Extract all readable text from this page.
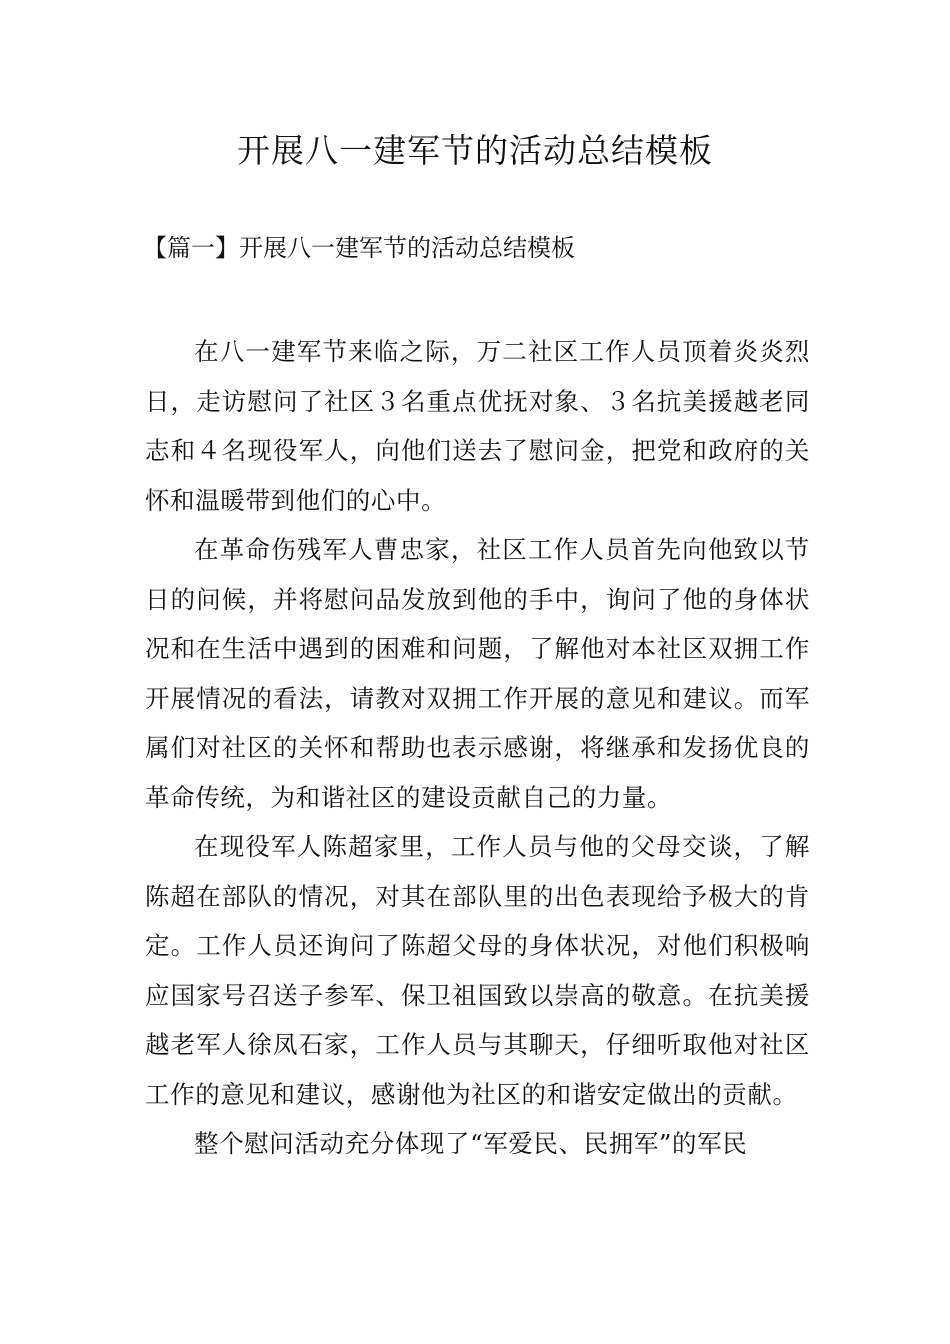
开展八一建军节的活动总结模板
【篇一】开展八一建军节的活动总结模板

在八一建军节来临之际，万二社区工作人员顶着炎炎烈日，走访慰问了社区３名重点优抚对象、３名抗美援越老同志和４名现役军人，向他们送去了慰问金，把党和政府的关怀和温暖带到他们的心中。

在革命伤残军人曹忠家，社区工作人员首先向他致以节日的问候，并将慰问品发放到他的手中，询问了他的身体状况和在生活中遇到的困难和问题，了解他对本社区双拥工作开展情况的看法，请教对双拥工作开展的意见和建议。而军属们对社区的关怀和帮助也表示感谢，将继承和发扬优良的革命传统，为和谐社区的建设贡献自己的力量。

在现役军人陈超家里，工作人员与他的父母交谈，了解陈超在部队的情况，对其在部队里的出色表现给予极大的肯定。工作人员还询问了陈超父母的身体状况，对他们积极响应国家号召送子参军、保卫祖国致以崇高的敬意。在抗美援越老军人徐凤石家，工作人员与其聊天，仔细听取他对社区工作的意见和建议，感谢他为社区的和谐安定做出的贡献。

整个慰问活动充分体现了“军爱民、民拥军”的军民
